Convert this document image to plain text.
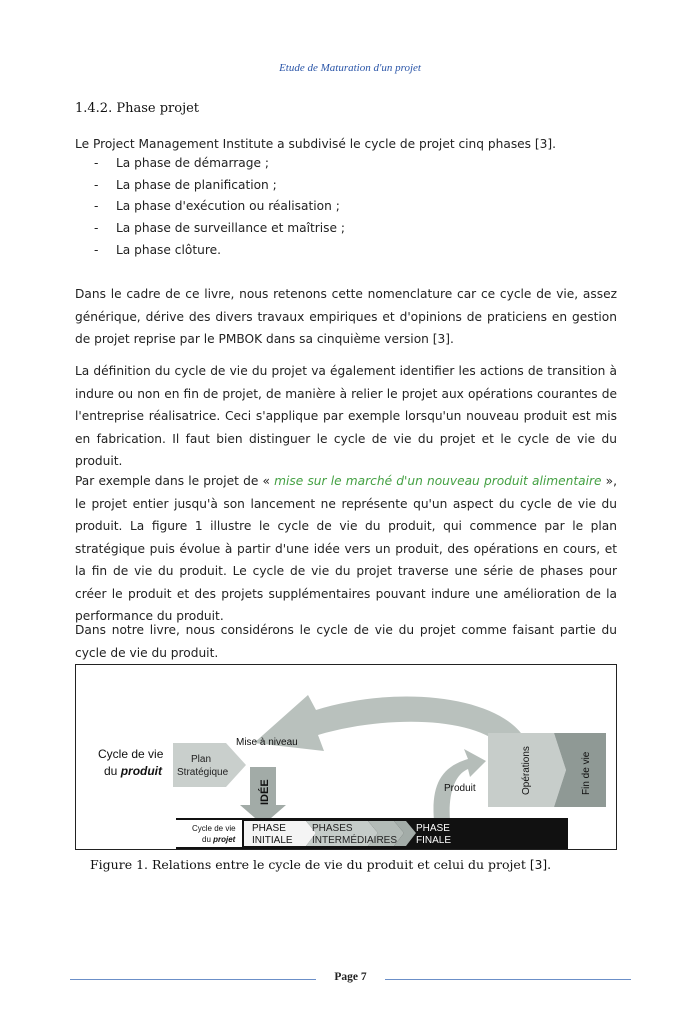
Etude de Maturation d'un projet
1.4.2. Phase projet
Le Project Management Institute a subdivisé le cycle de projet cinq phases [3].
-	La phase de démarrage ;
-	La phase de planification ;
-	La phase d'exécution ou réalisation ;
-	La phase de surveillance et maîtrise ;
-	La phase clôture.
Dans le cadre de ce livre, nous retenons cette nomenclature car ce cycle de vie, assez générique, dérive des divers travaux empiriques et d'opinions de praticiens en gestion de projet reprise par le PMBOK dans sa cinquième version [3].
La définition du cycle de vie du projet va également identifier les actions de transition à indure ou non en fin de projet, de manière à relier le projet aux opérations courantes de l'entreprise réalisatrice. Ceci s'applique par exemple lorsqu'un nouveau produit est mis en fabrication. Il faut bien distinguer le cycle de vie du projet et le cycle de vie du produit.
Par exemple dans le projet de « mise sur le marché d'un nouveau produit alimentaire », le projet entier jusqu'à son lancement ne représente qu'un aspect du cycle de vie du produit. La figure 1 illustre le cycle de vie du produit, qui commence par le plan stratégique puis évolue à partir d'une idée vers un produit, des opérations en cours, et la fin de vie du produit. Le cycle de vie du projet traverse une série de phases pour créer le produit et des projets supplémentaires pouvant indure une amélioration de la performance du produit.
Dans notre livre, nous considérons le cycle de vie du projet comme faisant partie du cycle de vie du produit.
Cycle de vie
du produit
Plan
Stratégique
Mise à niveau
IDÉE	Produit	Opérations	Fin de vie
Cycle de vie
du projet
PHASE
INITIALE
PHASES
INTERMÉDIAIRES
PHASE
FINALE
Figure 1. Relations entre le cycle de vie du produit et celui du projet [3].
Page 7
